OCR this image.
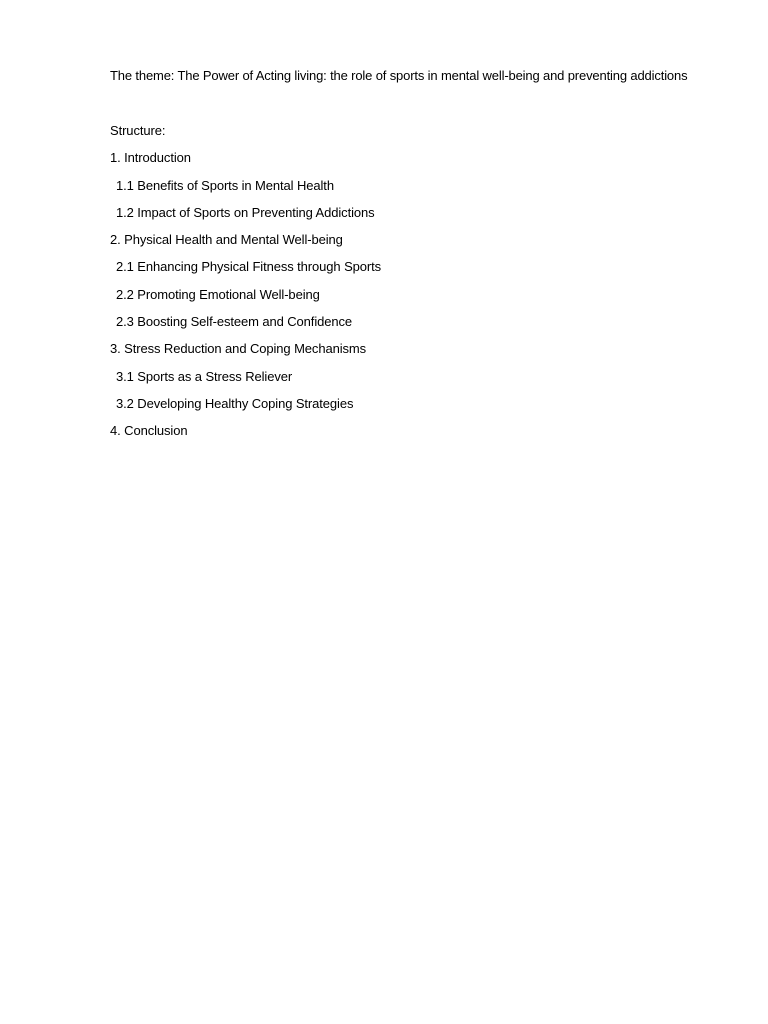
The theme: The Power of Acting living: the role of sports in mental well-being and preventing addictions
Structure:
1. Introduction
1.1 Benefits of Sports in Mental Health
1.2 Impact of Sports on Preventing Addictions
2. Physical Health and Mental Well-being
2.1 Enhancing Physical Fitness through Sports
2.2 Promoting Emotional Well-being
2.3 Boosting Self-esteem and Confidence
3. Stress Reduction and Coping Mechanisms
3.1 Sports as a Stress Reliever
3.2 Developing Healthy Coping Strategies
4. Conclusion
